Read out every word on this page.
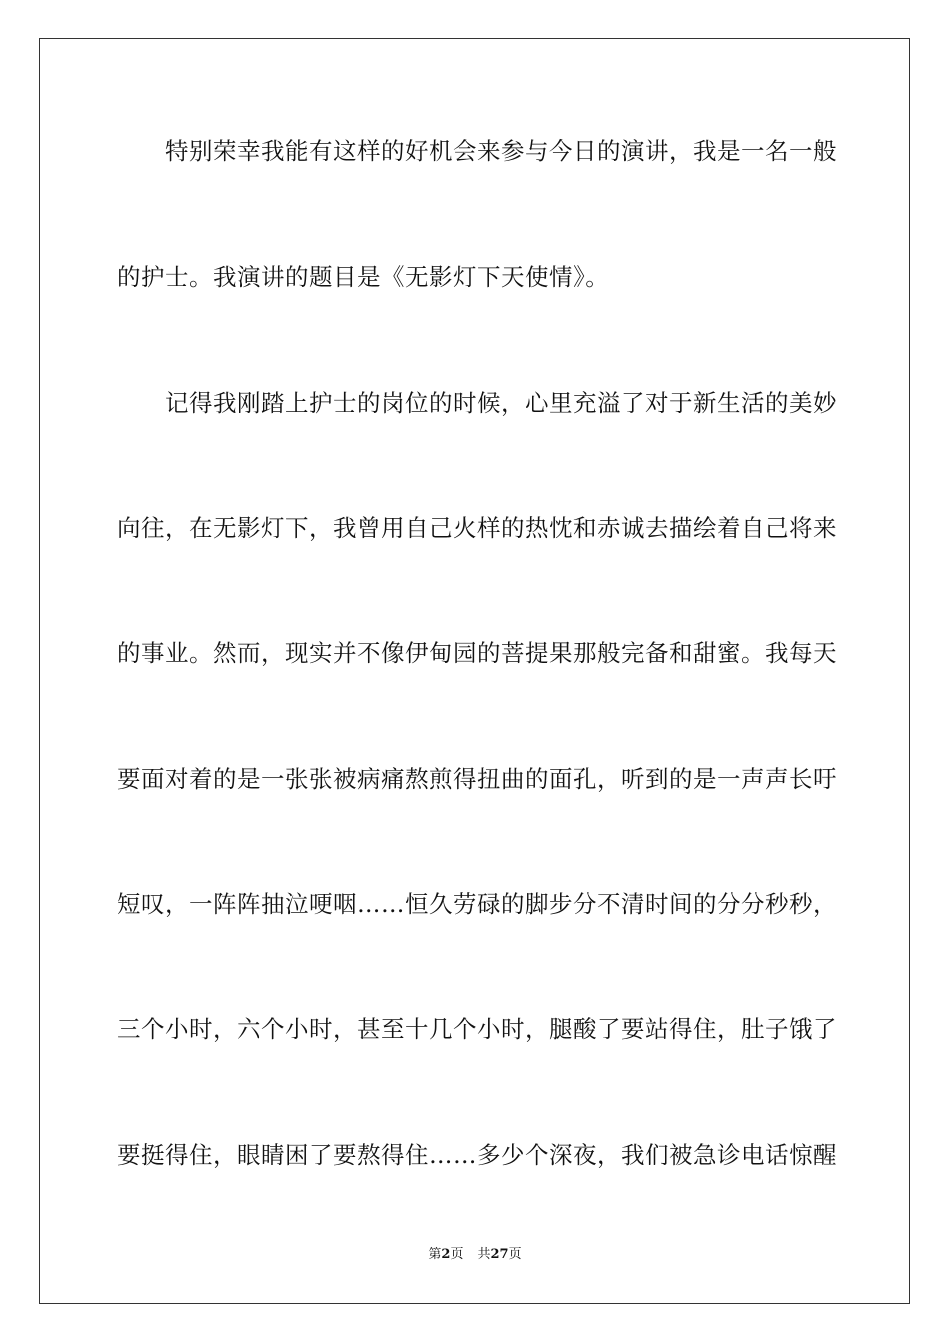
特别荣幸我能有这样的好机会来参与今日的演讲，我是一名一般
的护士。我演讲的题目是《无影灯下天使情》。
记得我刚踏上护士的岗位的时候，心里充溢了对于新生活的美妙
向往，在无影灯下，我曾用自己火样的热忱和赤诚去描绘着自己将来
的事业。然而，现实并不像伊甸园的菩提果那般完备和甜蜜。我每天
要面对着的是一张张被病痛熬煎得扭曲的面孔，听到的是一声声长吁
短叹，一阵阵抽泣哽咽……恒久劳碌的脚步分不清时间的分分秒秒，
三个小时，六个小时，甚至十几个小时，腿酸了要站得住，肚子饿了
要挺得住，眼睛困了要熬得住……多少个深夜，我们被急诊电话惊醒
第2页 共27页
